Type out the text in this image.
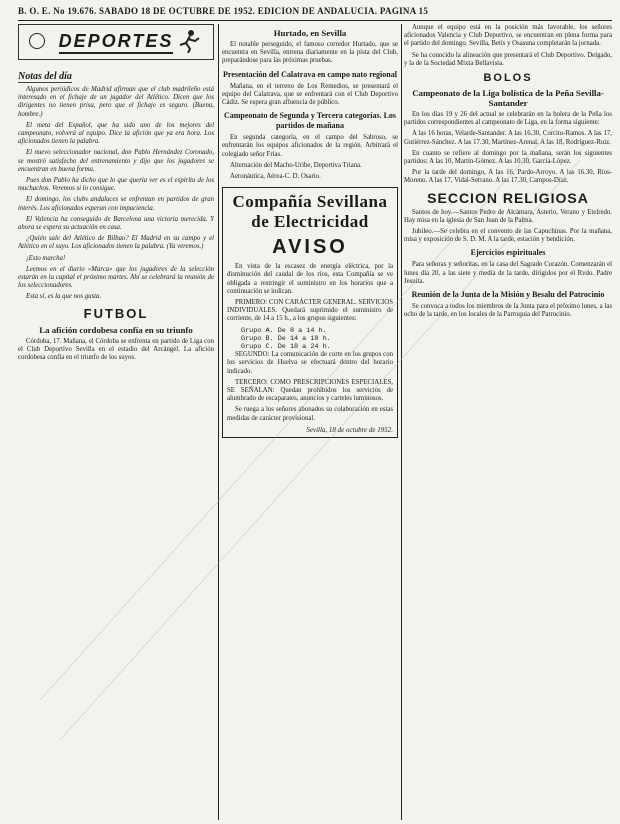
B. O. E. No 19.676. SABADO 18 DE OCTUBRE DE 1952. EDICION DE ANDALUCIA. PAGINA 15
DEPORTES
Notas del día

Algunos periódicos de Madrid afirman que el club madrileño está interesado en el fichaje de un jugador del Atlético. Dicen que los dirigentes no tienen prisa, pero que el fichaje es seguro. (Buena, hombre.)

El meta del Español, que ha sido uno de los mejores del campeonato, volverá al equipo. Dice la afición que ya era hora. Los aficionados tienen la palabra.

El nuevo seleccionador nacional, don Pablo Hernández Coronado, se mostró satisfecho del entrenamiento y dijo que los jugadores se encuentran en buena forma.

Pues don Pablo ha dicho que lo que quería ver es el espíritu de los muchachos. Veremos si lo consigue.

El domingo, los clubs andaluces se enfrentan en partidos de gran interés. Los aficionados esperan con impaciencia.

El Valencia ha conseguido de Barcelona una victoria merecida. Y ahora se espera su actuación en casa.

¿Quién sale del Atlético de Bilbao? El Madrid en su campo y el Atlético en el suyo. Los aficionados tienen la palabra. (Ya veremos.)

¡Esto marcha!

Leemos en el diario «Marca» que los jugadores de la selección estarán en la capital el próximo martes. Ahí se celebrará la reunión de los seleccionadores.

Esta sí, es la que nos gusta.

FUTBOL
La afición cordobesa confía en su triunfo

Córdoba, 17. Mañana, el Córdoba se enfrenta en partido de Liga con el Club Deportivo Sevilla en el estadio del Arcángel. La afición cordobesa confía en el triunfo de los suyos.

Hurtado, en Sevilla

El notable perseguido, el famoso corredor Hurtado, que se encuentra en Sevilla, entrena diariamente en la pista del Club, preparándose para las próximas pruebas.

Presentación del Calatrava en campo nato regional

Mañana, en el terreno de Los Remedios, se presentará el equipo del Calatrava, que se enfrentará con el Club Deportivo Cádiz. Se espera gran afluencia de público.

Campeonato de Segunda y Tercera categorías. Los partidos de mañana

En segunda categoría, en el campo del Sabroso, se enfrentarán los equipos aficionados de la región. Arbitrará el colegiado señor Frías.

Alternación del Macho-Uribe, Deportiva Triana.

Aeronáutica, Aérea-C. D. Osario.

Compañía Sevillana de Electricidad
AVISO

En vista de la escasez de energía eléctrica, por la disminución del caudal de los ríos, esta Compañía se ve obligada a restringir el suministro en los horarios que a continuación se indican.

PRIMERO: CON CARÁCTER GENERAL. SERVICIOS INDIVIDUALES. Quedará suprimido el suministro de corriente, de 14 a 15 h., a los grupos siguientes:

Grupo A. De 8 a 14 h.
Grupo B. De 14 a 18 h.
Grupo C. De 18 a 24 h.

SEGUNDO: La comunicación de corte en los grupos con los servicios de Huelva se efectuará dentro del horario indicado.

TERCERO: COMO PRESCRIPCIONES ESPECIALES, SE SEÑALAN: Quedan prohibidos los servicios de alumbrado de escaparates, anuncios y carteles luminosos.

Se ruega a los señores abonados su colaboración en estas medidas de carácter provisional.

Sevilla, 18 de octubre de 1952.

Aunque el equipo está en la posición más favorable, los señores aficionados Valencia y Club Deportivo, se encuentran en plena forma para el partido del domingo. Sevilla, Betis y Osasuna completarán la jornada.

Se ha conocido la alineación que presentará el Club Deportivo. Delgado, y la de la Sociedad Mixta Bellavista.

BOLOS
Campeonato de la Liga bolística de la Peña Sevilla-Santander

En los días 19 y 26 del actual se celebrarán en la bolera de la Peña los partidos correspondientes al campeonato de Liga, en la forma siguiente:

A las 16 horas, Velarde-Santander. A las 16.30, Corcito-Ramos. A las 17, Gutiérrez-Sánchez. A las 17.30, Martínez-Arenal. A las 18, Rodríguez-Ruiz.

En cuanto se refiere al domingo por la mañana, serán los siguientes partidos: A las 10, Martín-Gómez. A las 10.30, García-López.

Por la tarde del domingo, A las 16, Pardo-Arroyo. A las 16.30, Ríos-Moreno. A las 17, Vidal-Serrano. A las 17.30, Campos-Díaz.

SECCION RELIGIOSA

Santos de hoy.—Santos Pedro de Alcántara, Asterio, Verano y Etelredo. Hay misa en la iglesia de San Juan de la Palma.

Jubileo.—Se celebra en el convento de las Capuchinas. Por la mañana, misa y exposición de S. D. M. A la tarde, estación y bendición.

Ejercicios espirituales

Para señoras y señoritas, en la casa del Sagrado Corazón. Comenzarán el lunes día 20, a las siete y media de la tarde, dirigidos por el Rvdo. Padre Jesuita.

Reunión de la Junta de la Misión y Besalu del Patrocinio

Se convoca a todos los miembros de la Junta para el próximo lunes, a las ocho de la tarde, en los locales de la Parroquia del Patrocinio.
